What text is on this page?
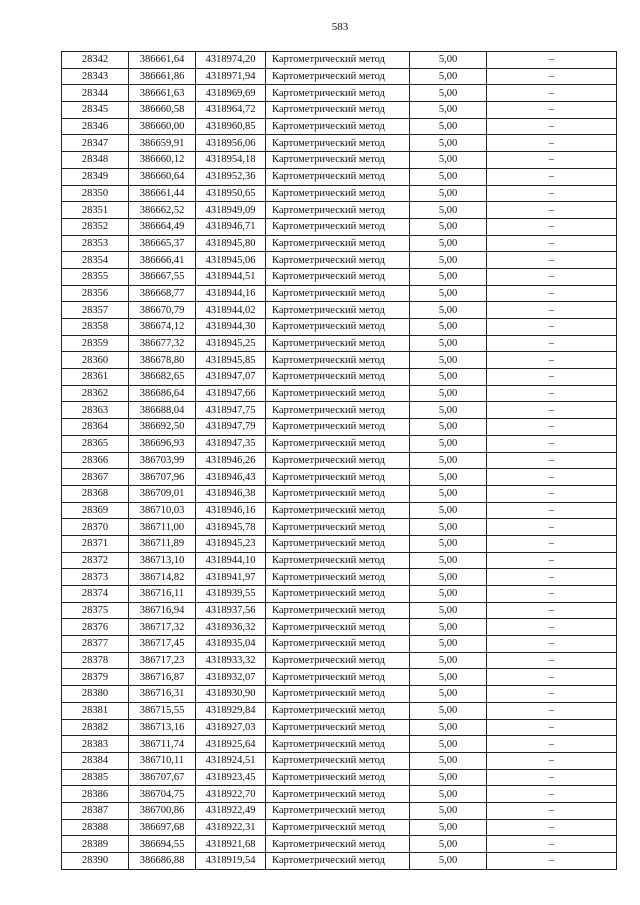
583
28342	386661,64	4318974,20	Картометрический метод	5,00	–
28343	386661,86	4318971,94	Картометрический метод	5,00	–
28344	386661,63	4318969,69	Картометрический метод	5,00	–
28345	386660,58	4318964,72	Картометрический метод	5,00	–
28346	386660,00	4318960,85	Картометрический метод	5,00	–
28347	386659,91	4318956,06	Картометрический метод	5,00	–
28348	386660,12	4318954,18	Картометрический метод	5,00	–
28349	386660,64	4318952,36	Картометрический метод	5,00	–
28350	386661,44	4318950,65	Картометрический метод	5,00	–
28351	386662,52	4318949,09	Картометрический метод	5,00	–
28352	386664,49	4318946,71	Картометрический метод	5,00	–
28353	386665,37	4318945,80	Картометрический метод	5,00	–
28354	386666,41	4318945,06	Картометрический метод	5,00	–
28355	386667,55	4318944,51	Картометрический метод	5,00	–
28356	386668,77	4318944,16	Картометрический метод	5,00	–
28357	386670,79	4318944,02	Картометрический метод	5,00	–
28358	386674,12	4318944,30	Картометрический метод	5,00	–
28359	386677,32	4318945,25	Картометрический метод	5,00	–
28360	386678,80	4318945,85	Картометрический метод	5,00	–
28361	386682,65	4318947,07	Картометрический метод	5,00	–
28362	386686,64	4318947,66	Картометрический метод	5,00	–
28363	386688,04	4318947,75	Картометрический метод	5,00	–
28364	386692,50	4318947,79	Картометрический метод	5,00	–
28365	386696,93	4318947,35	Картометрический метод	5,00	–
28366	386703,99	4318946,26	Картометрический метод	5,00	–
28367	386707,96	4318946,43	Картометрический метод	5,00	–
28368	386709,01	4318946,38	Картометрический метод	5,00	–
28369	386710,03	4318946,16	Картометрический метод	5,00	–
28370	386711,00	4318945,78	Картометрический метод	5,00	–
28371	386711,89	4318945,23	Картометрический метод	5,00	–
28372	386713,10	4318944,10	Картометрический метод	5,00	–
28373	386714,82	4318941,97	Картометрический метод	5,00	–
28374	386716,11	4318939,55	Картометрический метод	5,00	–
28375	386716,94	4318937,56	Картометрический метод	5,00	–
28376	386717,32	4318936,32	Картометрический метод	5,00	–
28377	386717,45	4318935,04	Картометрический метод	5,00	–
28378	386717,23	4318933,32	Картометрический метод	5,00	–
28379	386716,87	4318932,07	Картометрический метод	5,00	–
28380	386716,31	4318930,90	Картометрический метод	5,00	–
28381	386715,55	4318929,84	Картометрический метод	5,00	–
28382	386713,16	4318927,03	Картометрический метод	5,00	–
28383	386711,74	4318925,64	Картометрический метод	5,00	–
28384	386710,11	4318924,51	Картометрический метод	5,00	–
28385	386707,67	4318923,45	Картометрический метод	5,00	–
28386	386704,75	4318922,70	Картометрический метод	5,00	–
28387	386700,86	4318922,49	Картометрический метод	5,00	–
28388	386697,68	4318922,31	Картометрический метод	5,00	–
28389	386694,55	4318921,68	Картометрический метод	5,00	–
28390	386686,88	4318919,54	Картометрический метод	5,00	–
